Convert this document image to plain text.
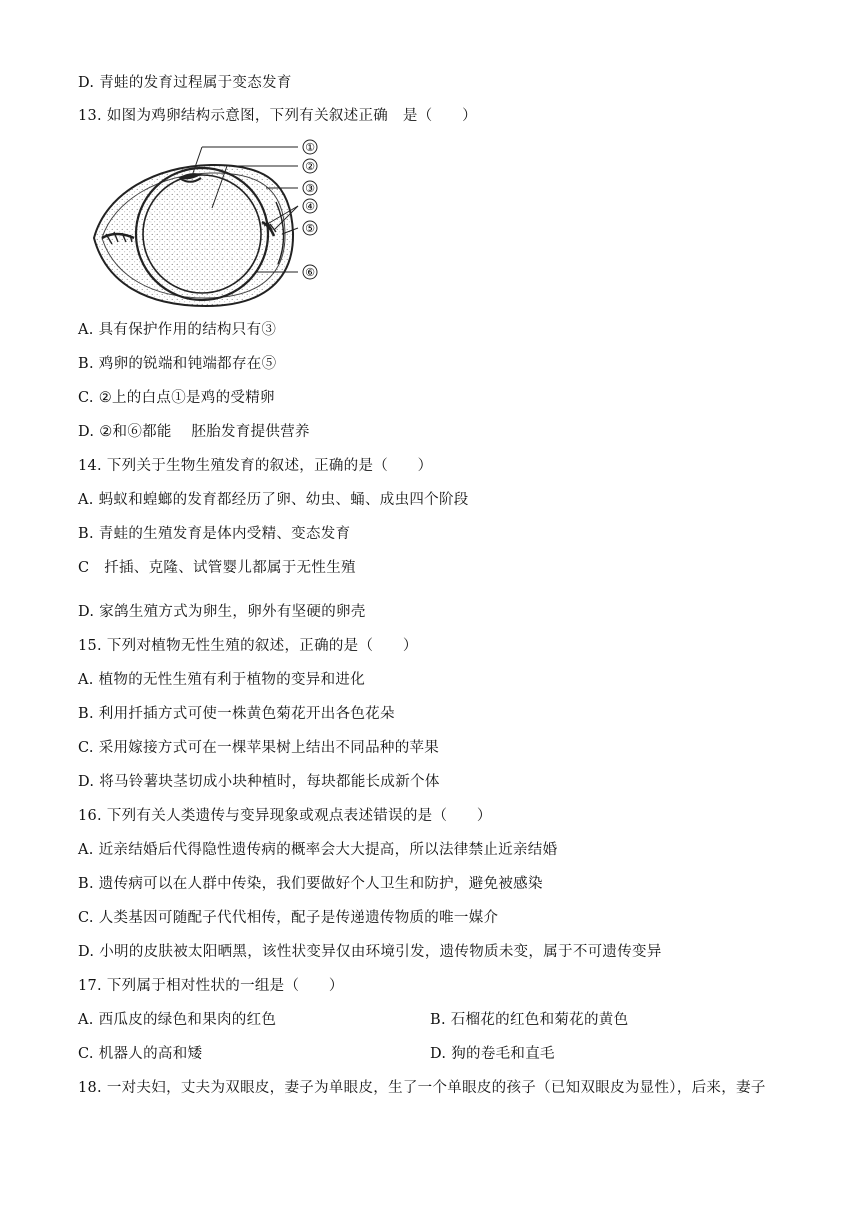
D. 青蛙的发育过程属于变态发育
13. 如图为鸡卵结构示意图，下列有关叙述正确　是（　　）
①
②
③
④
⑤
⑥
A. 具有保护作用的结构只有③
B. 鸡卵的锐端和钝端都存在⑤
C. ②上的白点①是鸡的受精卵
D. ②和⑥都能　 胚胎发育提供营养
14. 下列关于生物生殖发育的叙述，正确的是（　　）
A. 蚂蚁和蝗螂的发育都经历了卵、幼虫、蛹、成虫四个阶段
B. 青蛙的生殖发育是体内受精、变态发育
C　扦插、克隆、试管婴儿都属于无性生殖
D. 家鸽生殖方式为卵生，卵外有坚硬的卵壳
15. 下列对植物无性生殖的叙述，正确的是（　　）
A. 植物的无性生殖有利于植物的变异和进化
B. 利用扦插方式可使一株黄色菊花开出各色花朵
C. 采用嫁接方式可在一棵苹果树上结出不同品种的苹果
D. 将马铃薯块茎切成小块种植时，每块都能长成新个体
16. 下列有关人类遗传与变异现象或观点表述错误的是（　　）
A. 近亲结婚后代得隐性遗传病的概率会大大提高，所以法律禁止近亲结婚
B. 遗传病可以在人群中传染，我们要做好个人卫生和防护，避免被感染
C. 人类基因可随配子代代相传，配子是传递遗传物质的唯一媒介
D. 小明的皮肤被太阳晒黑，该性状变异仅由环境引发，遗传物质未变，属于不可遗传变异
17. 下列属于相对性状的一组是（　　）
A. 西瓜皮的绿色和果肉的红色	B. 石榴花的红色和菊花的黄色
C. 机器人的高和矮	D. 狗的卷毛和直毛
18. 一对夫妇，丈夫为双眼皮，妻子为单眼皮，生了一个单眼皮的孩子（已知双眼皮为显性），后来，妻子
